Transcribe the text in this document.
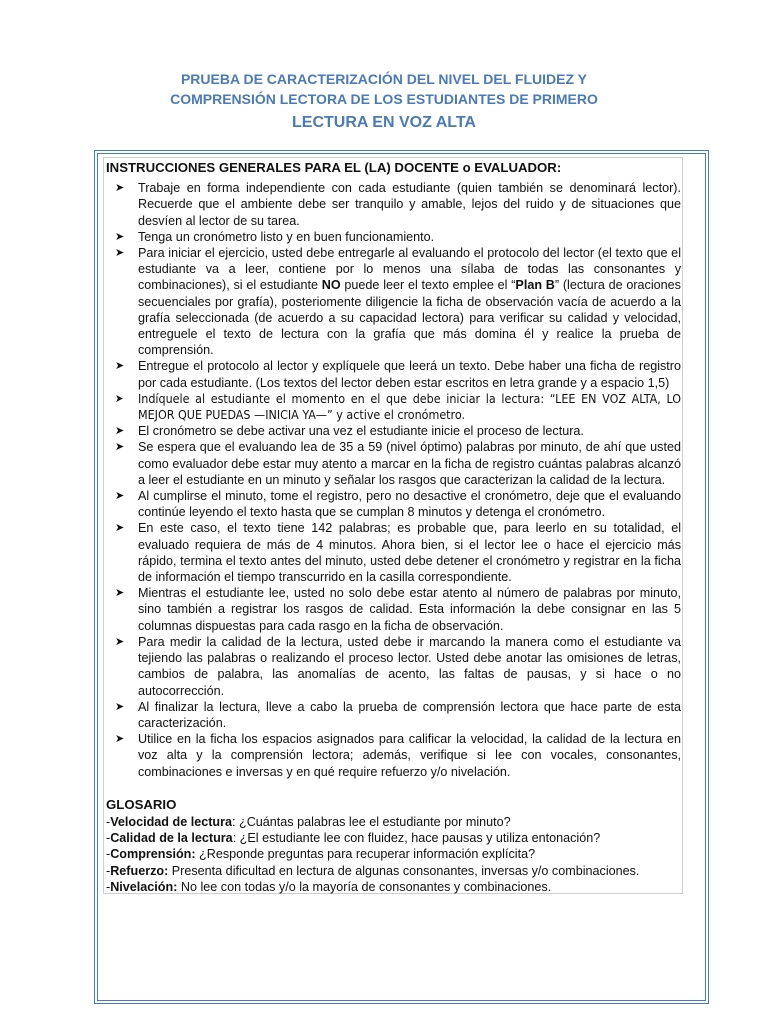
PRUEBA DE CARACTERIZACIÓN DEL NIVEL DEL FLUIDEZ Y
COMPRENSIÓN LECTORA DE LOS ESTUDIANTES DE PRIMERO
LECTURA EN VOZ ALTA
INSTRUCCIONES GENERALES PARA EL (LA) DOCENTE o EVALUADOR:
➤ Trabaje en forma independiente con cada estudiante (quien también se denominará lector). Recuerde que el ambiente debe ser tranquilo y amable, lejos del ruido y de situaciones que desvíen al lector de su tarea.
➤ Tenga un cronómetro listo y en buen funcionamiento.
➤ Para iniciar el ejercicio, usted debe entregarle al evaluando el protocolo del lector (el texto que el estudiante va a leer, contiene por lo menos una sílaba de todas las consonantes y combinaciones), si el estudiante NO puede leer el texto emplee el “Plan B” (lectura de oraciones secuenciales por grafía), posteriomente diligencie la ficha de observación vacía de acuerdo a la grafía seleccionada (de acuerdo a su capacidad lectora) para verificar su calidad y velocidad, entreguele el texto de lectura con la grafía que más domina él y realice la prueba de comprensión.
➤ Entregue el protocolo al lector y explíquele que leerá un texto. Debe haber una ficha de registro por cada estudiante. (Los textos del lector deben estar escritos en letra grande y a espacio 1,5)
➤ Indíquele al estudiante el momento en el que debe iniciar la lectura: “LEE EN VOZ ALTA, LO MEJOR QUE PUEDAS —INICIA YA—” y active el cronómetro.
➤ El cronómetro se debe activar una vez el estudiante inicie el proceso de lectura.
➤ Se espera que el evaluando lea de 35 a 59 (nivel óptimo) palabras por minuto, de ahí que usted como evaluador debe estar muy atento a marcar en la ficha de registro cuántas palabras alcanzó a leer el estudiante en un minuto y señalar los rasgos que caracterizan la calidad de la lectura.
➤ Al cumplirse el minuto, tome el registro, pero no desactive el cronómetro, deje que el evaluando continúe leyendo el texto hasta que se cumplan 8 minutos y detenga el cronómetro.
➤ En este caso, el texto tiene 142 palabras; es probable que, para leerlo en su totalidad, el evaluado requiera de más de 4 minutos. Ahora bien, si el lector lee o hace el ejercicio más rápido, termina el texto antes del minuto, usted debe detener el cronómetro y registrar en la ficha de información el tiempo transcurrido en la casilla correspondiente.
➤ Mientras el estudiante lee, usted no solo debe estar atento al número de palabras por minuto, sino también a registrar los rasgos de calidad. Esta información la debe consignar en las 5 columnas dispuestas para cada rasgo en la ficha de observación.
➤ Para medir la calidad de la lectura, usted debe ir marcando la manera como el estudiante va tejiendo las palabras o realizando el proceso lector. Usted debe anotar las omisiones de letras, cambios de palabra, las anomalías de acento, las faltas de pausas, y si hace o no autocorrección.
➤ Al finalizar la lectura, lleve a cabo la prueba de comprensión lectora que hace parte de esta caracterización.
➤ Utilice en la ficha los espacios asignados para calificar la velocidad, la calidad de la lectura en voz alta y la comprensión lectora; además, verifique si lee con vocales, consonantes, combinaciones e inversas y en qué require refuerzo y/o nivelación.
GLOSARIO
-Velocidad de lectura: ¿Cuántas palabras lee el estudiante por minuto?
-Calidad de la lectura: ¿El estudiante lee con fluidez, hace pausas y utiliza entonación?
-Comprensión: ¿Responde preguntas para recuperar información explícita?
-Refuerzo: Presenta dificultad en lectura de algunas consonantes, inversas y/o combinaciones.
-Nivelación: No lee con todas y/o la mayoría de consonantes y combinaciones.
